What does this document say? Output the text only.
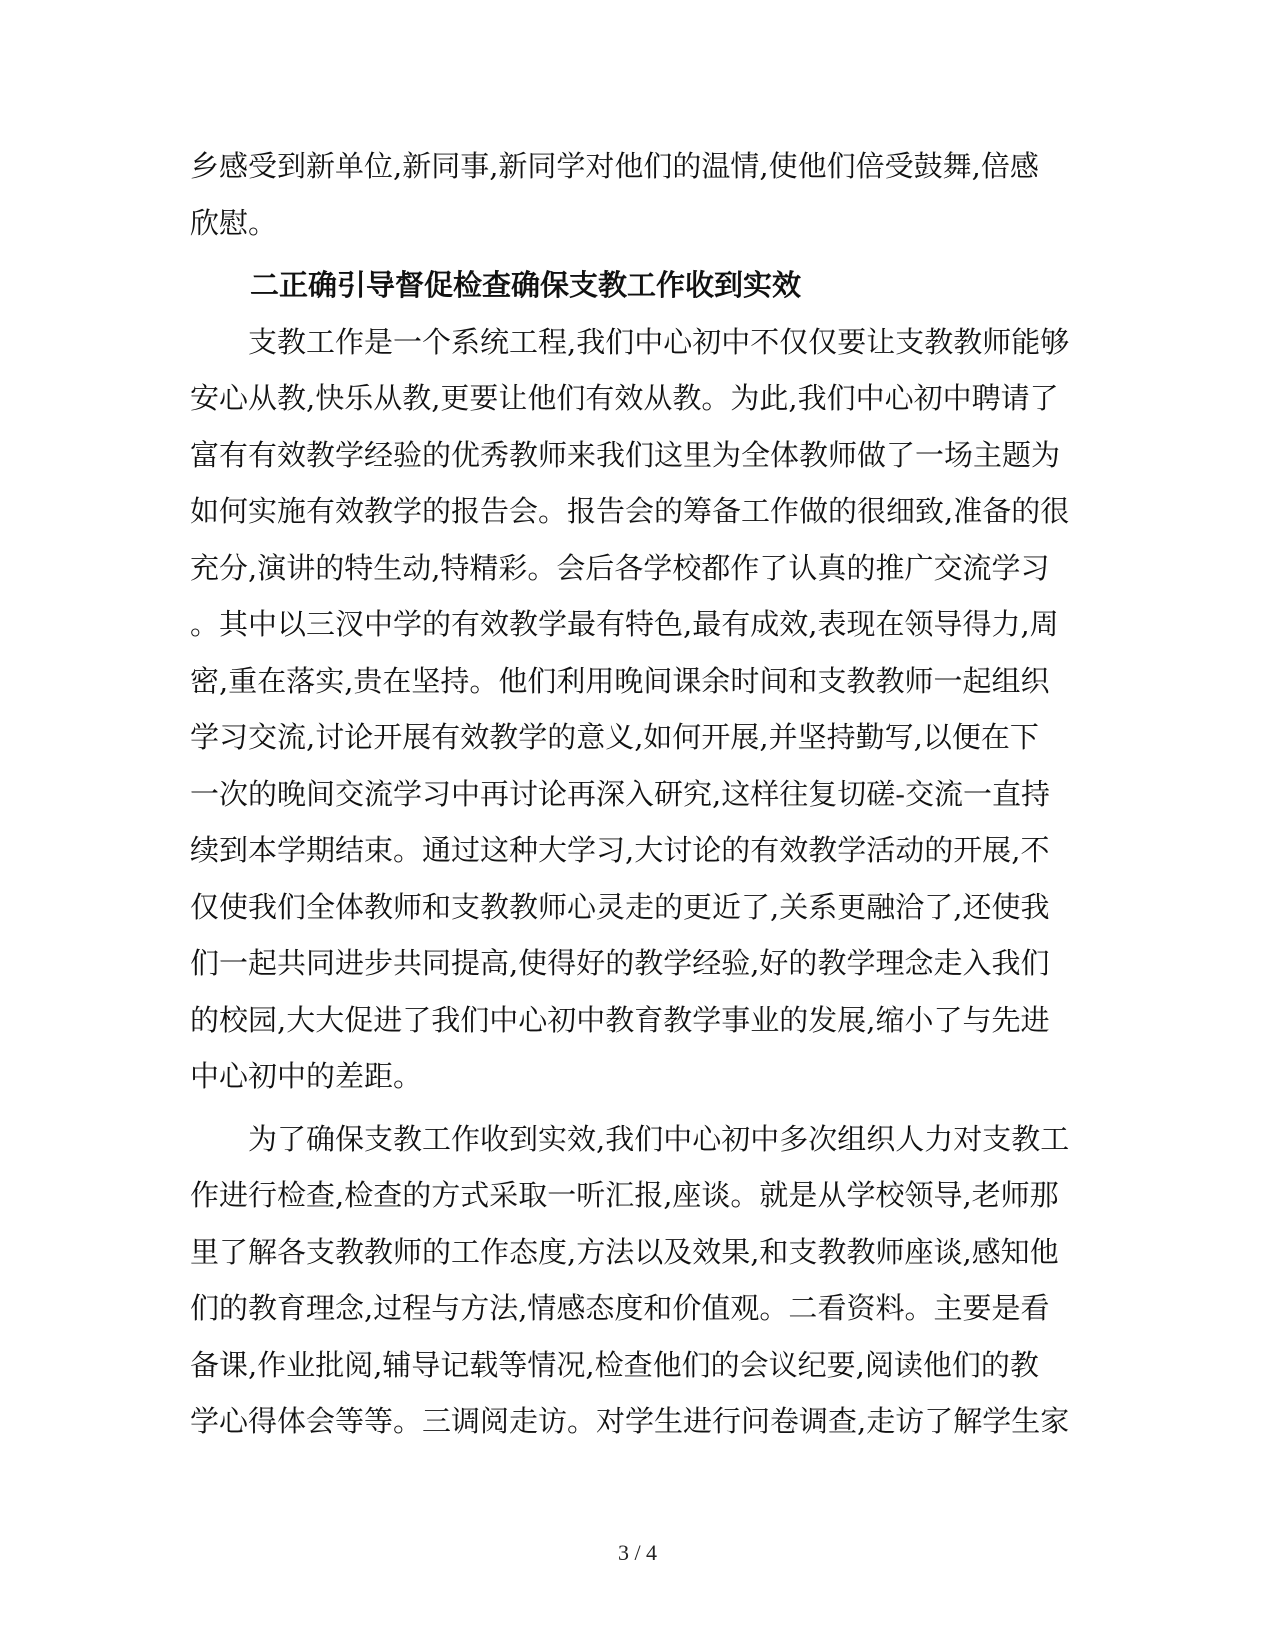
乡感受到新单位,新同事,新同学对他们的温情,使他们倍受鼓舞,倍感
欣慰。
二正确引导督促检查确保支教工作收到实效
　　支教工作是一个系统工程,我们中心初中不仅仅要让支教教师能够
安心从教,快乐从教,更要让他们有效从教。为此,我们中心初中聘请了
富有有效教学经验的优秀教师来我们这里为全体教师做了一场主题为
如何实施有效教学的报告会。报告会的筹备工作做的很细致,准备的很
充分,演讲的特生动,特精彩。会后各学校都作了认真的推广交流学习
。其中以三汊中学的有效教学最有特色,最有成效,表现在领导得力,周
密,重在落实,贵在坚持。他们利用晚间课余时间和支教教师一起组织
学习交流,讨论开展有效教学的意义,如何开展,并坚持勤写,以便在下
一次的晚间交流学习中再讨论再深入研究,这样往复切磋-交流一直持
续到本学期结束。通过这种大学习,大讨论的有效教学活动的开展,不
仅使我们全体教师和支教教师心灵走的更近了,关系更融洽了,还使我
们一起共同进步共同提高,使得好的教学经验,好的教学理念走入我们
的校园,大大促进了我们中心初中教育教学事业的发展,缩小了与先进
中心初中的差距。
　　为了确保支教工作收到实效,我们中心初中多次组织人力对支教工
作进行检查,检查的方式采取一听汇报,座谈。就是从学校领导,老师那
里了解各支教教师的工作态度,方法以及效果,和支教教师座谈,感知他
们的教育理念,过程与方法,情感态度和价值观。二看资料。主要是看
备课,作业批阅,辅导记载等情况,检查他们的会议纪要,阅读他们的教
学心得体会等等。三调阅走访。对学生进行问卷调查,走访了解学生家
3 / 4
